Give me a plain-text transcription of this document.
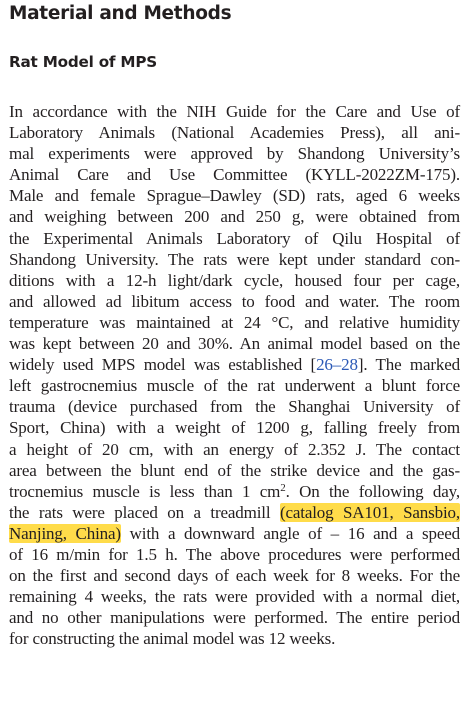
Material and Methods
Rat Model of MPS
In accordance with the NIH Guide for the Care and Use of
Laboratory Animals (National Academies Press), all ani-
mal experiments were approved by Shandong University’s
Animal Care and Use Committee (KYLL-2022ZM-175).
Male and female Sprague–Dawley (SD) rats, aged 6 weeks
and weighing between 200 and 250 g, were obtained from
the Experimental Animals Laboratory of Qilu Hospital of
Shandong University. The rats were kept under standard con-
ditions with a 12-h light/dark cycle, housed four per cage,
and allowed ad libitum access to food and water. The room
temperature was maintained at 24 °C, and relative humidity
was kept between 20 and 30%. An animal model based on the
widely used MPS model was established [26–28]. The marked
left gastrocnemius muscle of the rat underwent a blunt force
trauma (device purchased from the Shanghai University of
Sport, China) with a weight of 1200 g, falling freely from
a height of 20 cm, with an energy of 2.352 J. The contact
area between the blunt end of the strike device and the gas-
trocnemius muscle is less than 1 $cm^2$. On the following day,
the rats were placed on a treadmill (catalog SA101, Sansbio,
Nanjing, China) with a downward angle of – 16 and a speed
of 16 m/min for 1.5 h. The above procedures were performed
on the first and second days of each week for 8 weeks. For the
remaining 4 weeks, the rats were provided with a normal diet,
and no other manipulations were performed. The entire period
for constructing the animal model was 12 weeks.
